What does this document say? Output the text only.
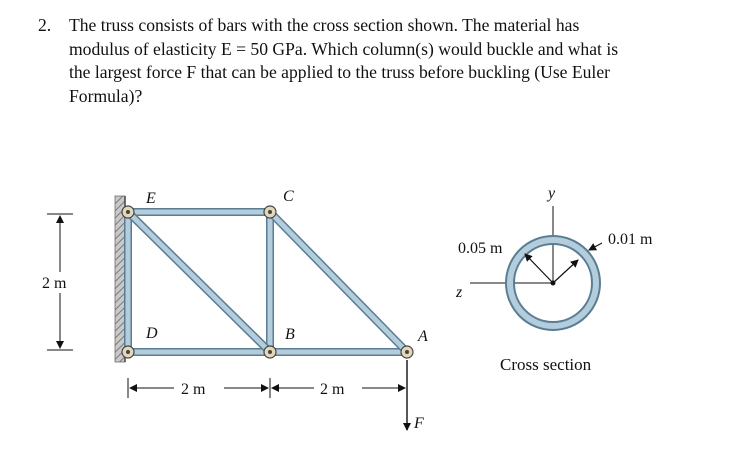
2. The truss consists of bars with the cross section shown. The material has
modulus of elasticity E = 50 GPa. Which column(s) would buckle and what is
the largest force F that can be applied to the truss before buckling (Use Euler
Formula)?
E	C
D	B	A
2 m
2 m	2 m
F
y
z
0.05 m
0.01 m
Cross section
